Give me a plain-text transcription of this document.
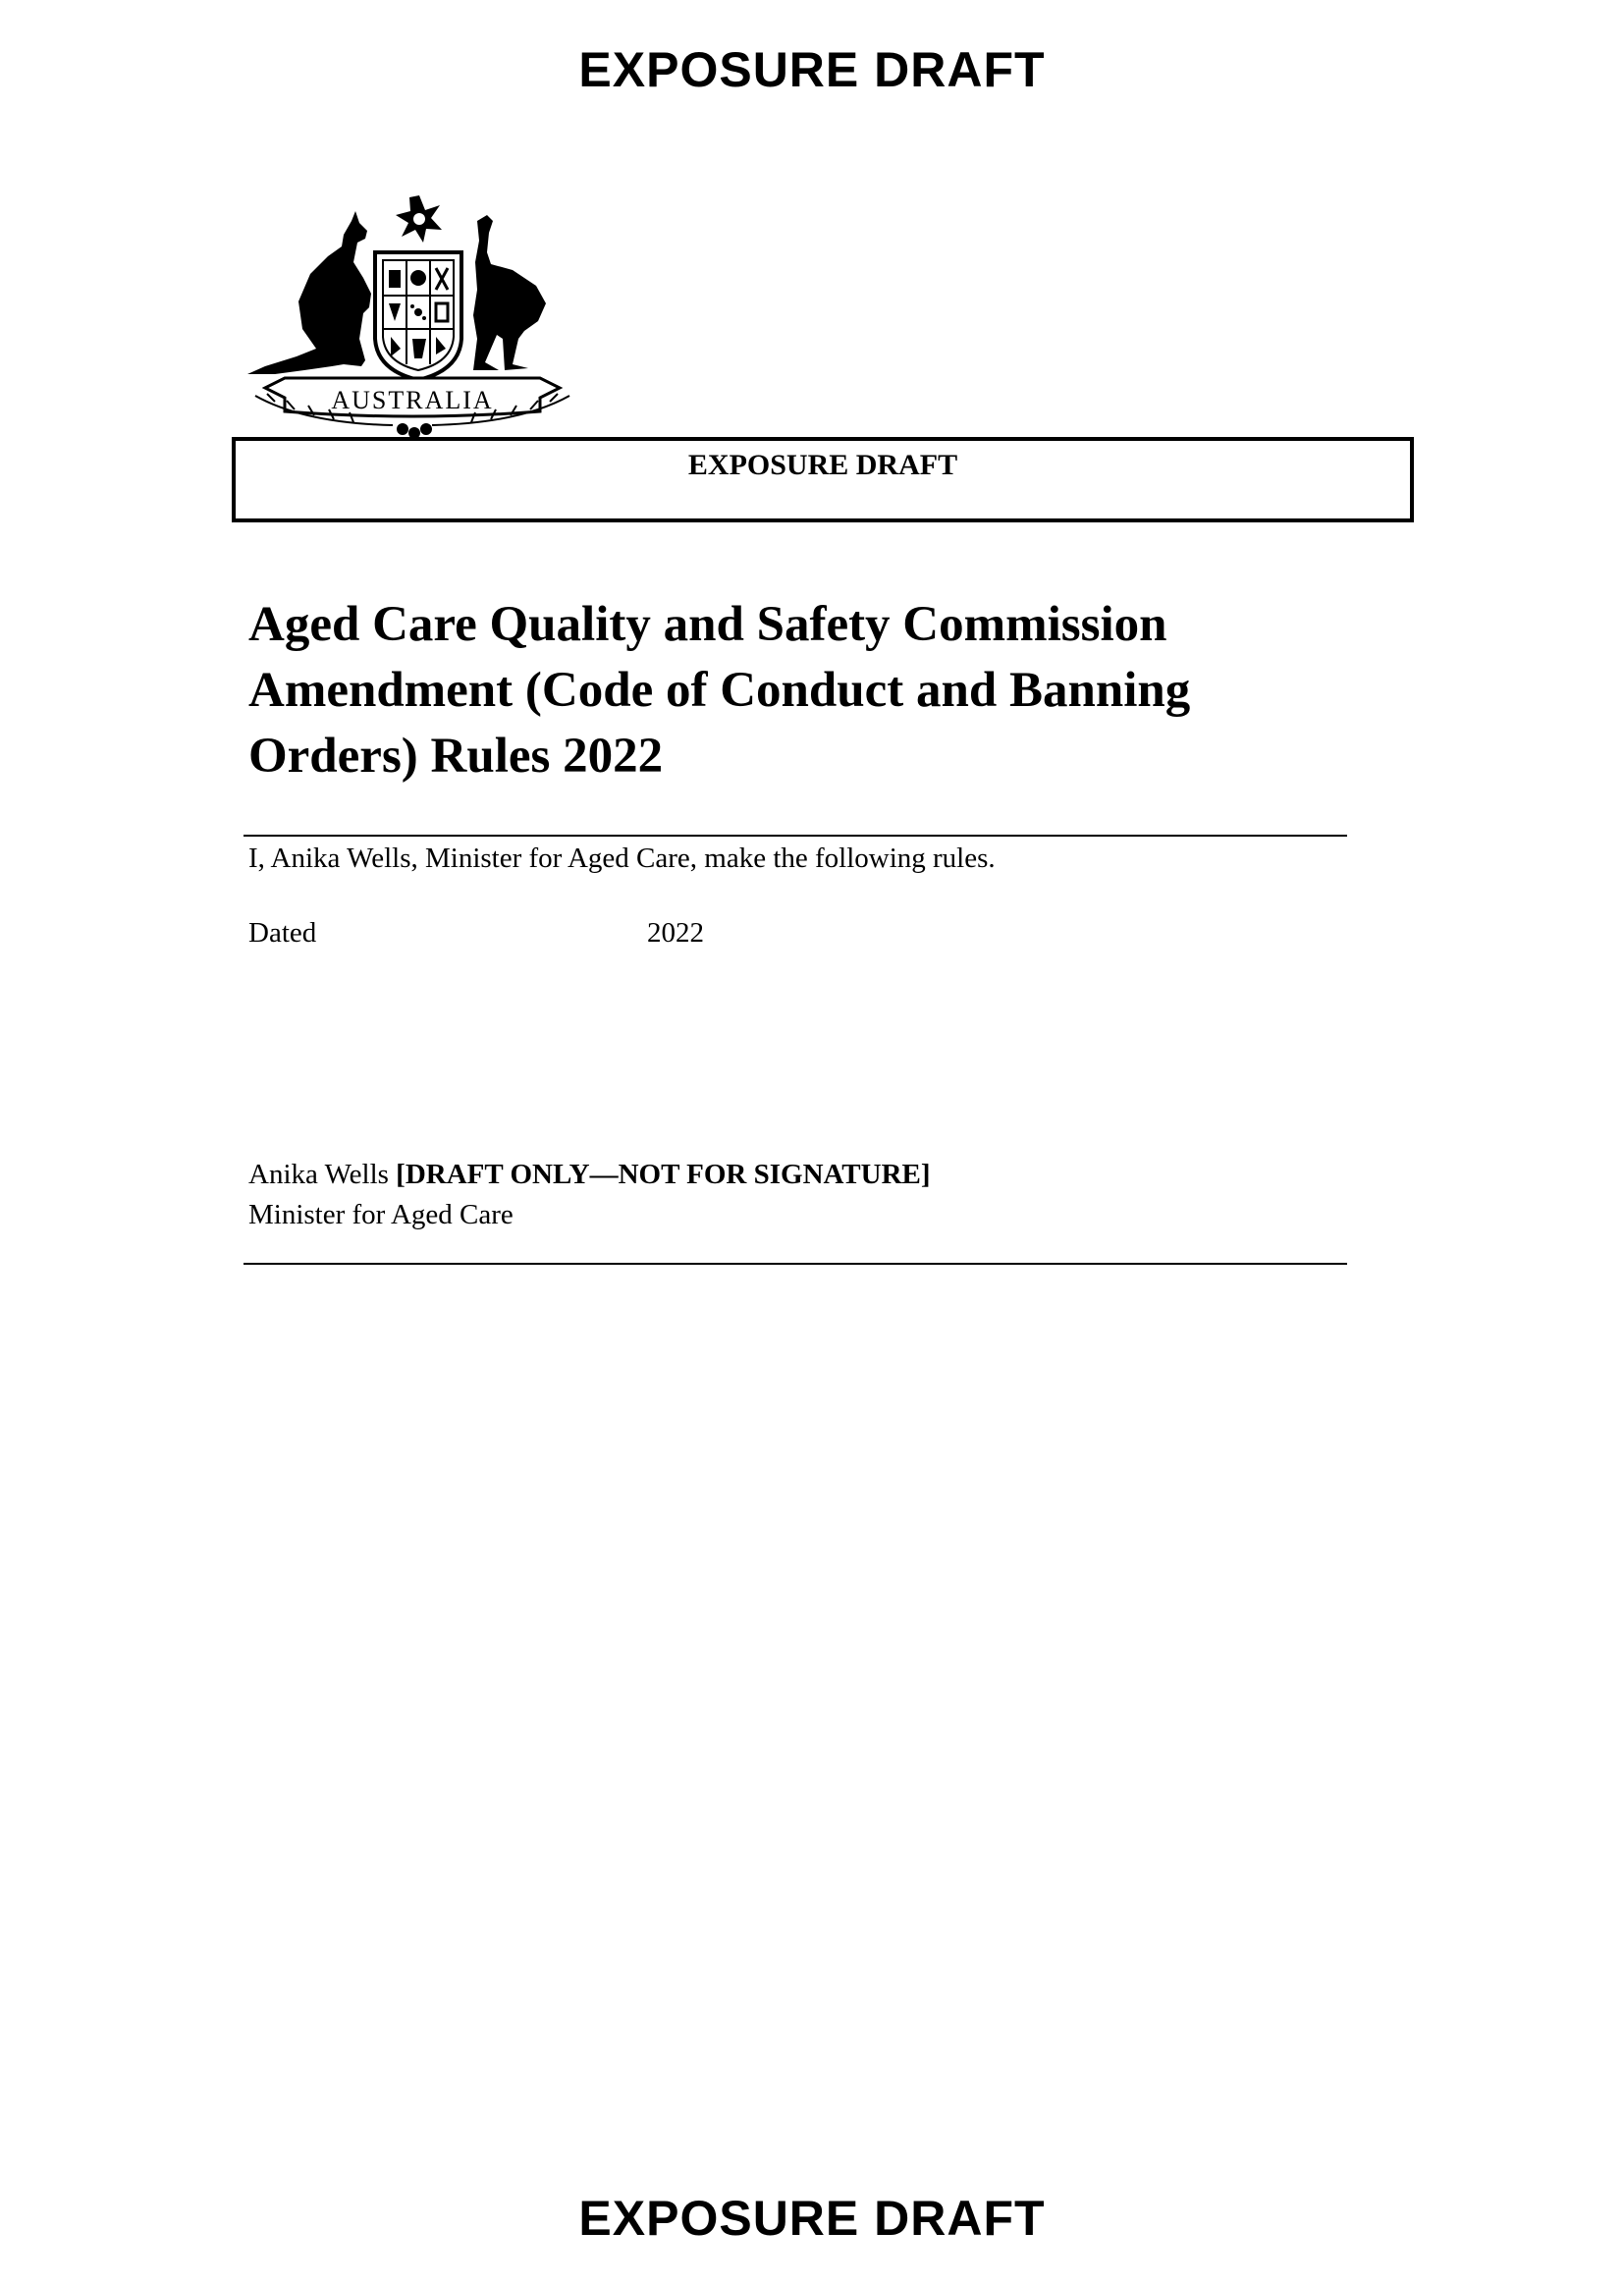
EXPOSURE DRAFT
AUSTRALIA
EXPOSURE DRAFT
Aged Care Quality and Safety Commission
Amendment (Code of Conduct and Banning
Orders) Rules 2022
I, Anika Wells, Minister for Aged Care, make the following rules.
Dated	2022
Anika Wells [DRAFT ONLY—NOT FOR SIGNATURE]
Minister for Aged Care
EXPOSURE DRAFT
